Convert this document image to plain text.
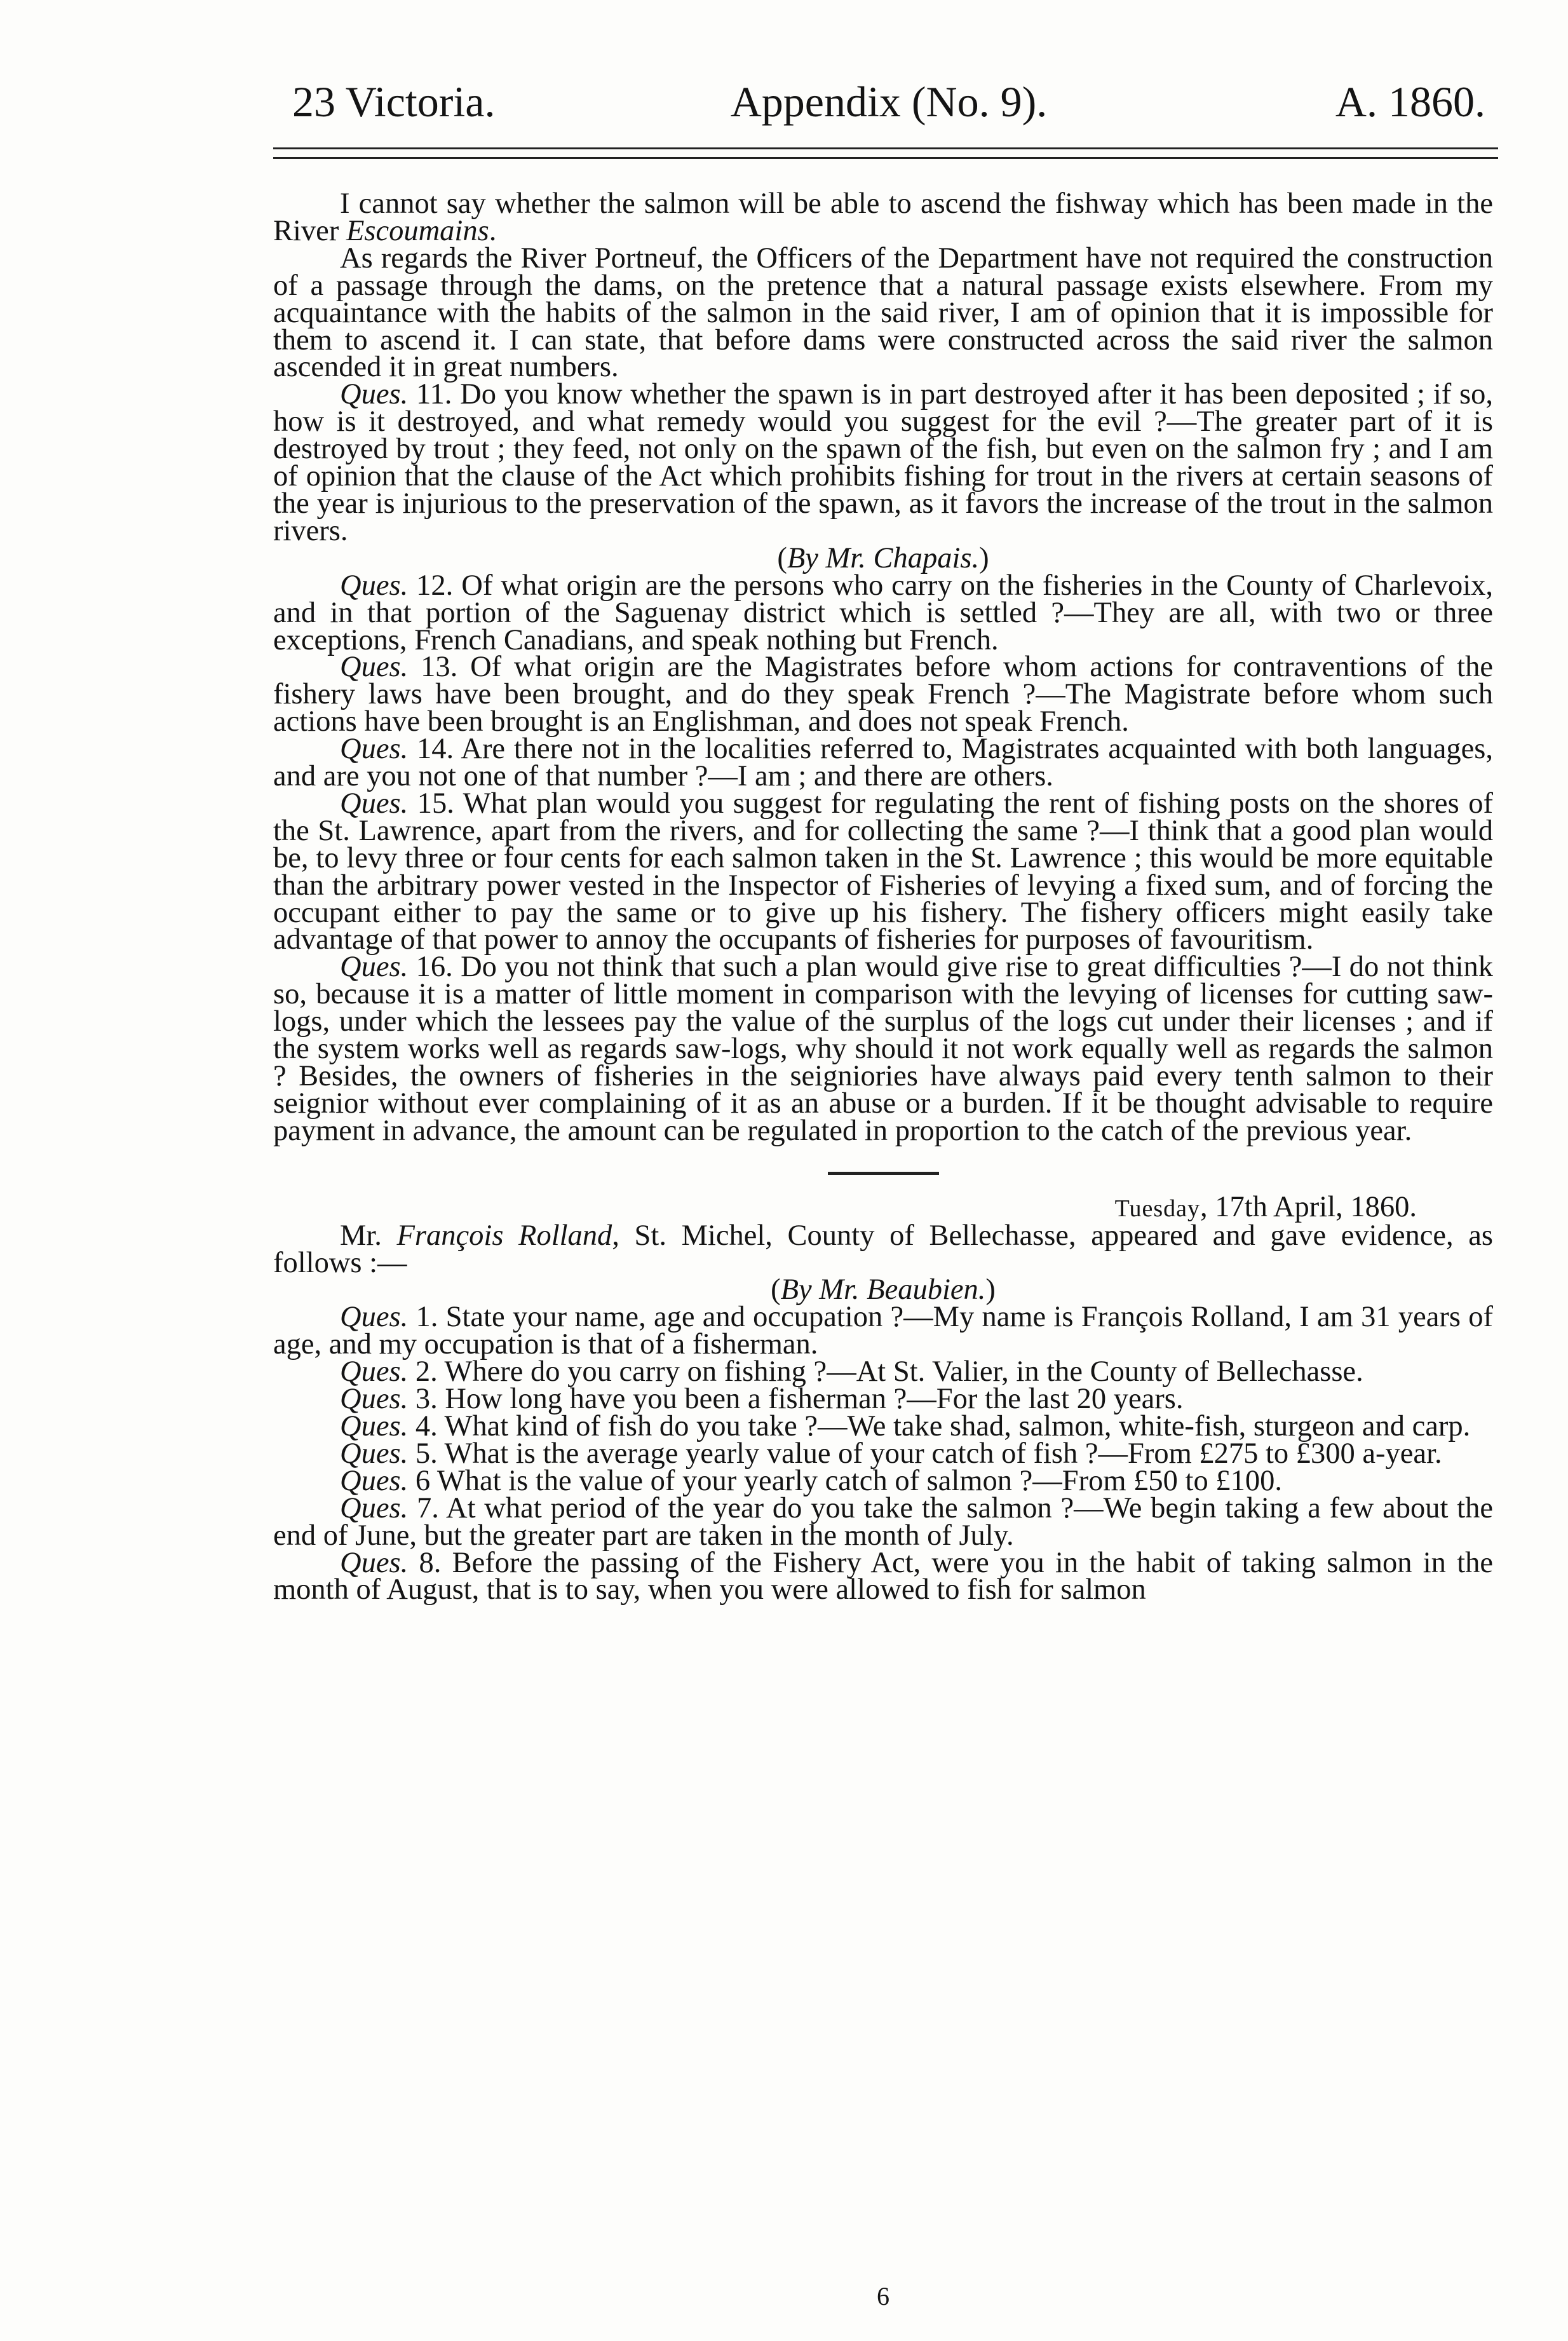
23 Victoria.	Appendix (No. 9).	A. 1860.

I cannot say whether the salmon will be able to ascend the fishway which has been made in the River Escoumains.

As regards the River Portneuf, the Officers of the Department have not required the construction of a passage through the dams, on the pretence that a natural passage exists elsewhere. From my acquaintance with the habits of the salmon in the said river, I am of opinion that it is impossible for them to ascend it. I can state, that before dams were constructed across the said river the salmon ascended it in great numbers.

Ques. 11. Do you know whether the spawn is in part destroyed after it has been deposited ; if so, how is it destroyed, and what remedy would you suggest for the evil ?—The greater part of it is destroyed by trout ; they feed, not only on the spawn of the fish, but even on the salmon fry ; and I am of opinion that the clause of the Act which prohibits fishing for trout in the rivers at certain seasons of the year is injurious to the preservation of the spawn, as it favors the increase of the trout in the salmon rivers.

(By Mr. Chapais.)

Ques. 12. Of what origin are the persons who carry on the fisheries in the County of Charlevoix, and in that portion of the Saguenay district which is settled ?—They are all, with two or three exceptions, French Canadians, and speak nothing but French.

Ques. 13. Of what origin are the Magistrates before whom actions for contraventions of the fishery laws have been brought, and do they speak French ?—The Magistrate before whom such actions have been brought is an Englishman, and does not speak French.

Ques. 14. Are there not in the localities referred to, Magistrates acquainted with both languages, and are you not one of that number ?—I am ; and there are others.

Ques. 15. What plan would you suggest for regulating the rent of fishing posts on the shores of the St. Lawrence, apart from the rivers, and for collecting the same ?—I think that a good plan would be, to levy three or four cents for each salmon taken in the St. Lawrence ; this would be more equitable than the arbitrary power vested in the Inspector of Fisheries of levying a fixed sum, and of forcing the occupant either to pay the same or to give up his fishery. The fishery officers might easily take advantage of that power to annoy the occupants of fisheries for purposes of favouritism.

Ques. 16. Do you not think that such a plan would give rise to great difficulties ?—I do not think so, because it is a matter of little moment in comparison with the levying of licenses for cutting saw-logs, under which the lessees pay the value of the surplus of the logs cut under their licenses ; and if the system works well as regards saw-logs, why should it not work equally well as regards the salmon ? Besides, the owners of fisheries in the seigniories have always paid every tenth salmon to their seignior without ever complaining of it as an abuse or a burden. If it be thought advisable to require payment in advance, the amount can be regulated in proportion to the catch of the previous year.

Tuesday, 17th April, 1860.

Mr. François Rolland, St. Michel, County of Bellechasse, appeared and gave evidence, as follows :—

(By Mr. Beaubien.)

Ques. 1. State your name, age and occupation ?—My name is François Rolland, I am 31 years of age, and my occupation is that of a fisherman.

Ques. 2. Where do you carry on fishing ?—At St. Valier, in the County of Bellechasse.

Ques. 3. How long have you been a fisherman ?—For the last 20 years.

Ques. 4. What kind of fish do you take ?—We take shad, salmon, white-fish, sturgeon and carp.

Ques. 5. What is the average yearly value of your catch of fish ?—From £275 to £300 a-year.

Ques. 6 What is the value of your yearly catch of salmon ?—From £50 to £100.

Ques. 7. At what period of the year do you take the salmon ?—We begin taking a few about the end of June, but the greater part are taken in the month of July.

Ques. 8. Before the passing of the Fishery Act, were you in the habit of taking salmon in the month of August, that is to say, when you were allowed to fish for salmon

6
